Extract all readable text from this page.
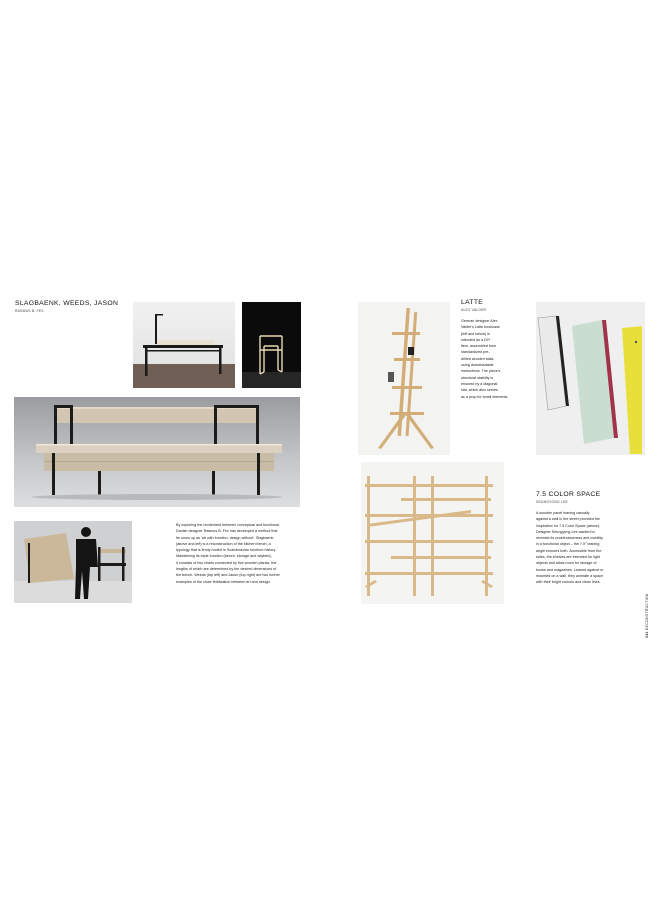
SLAGBAENK, WEEDS, JASON
RASMUS B. FEX

By exploring the borderland between conceptual and functional,

Danish designer Rasmus B. Fex has developed a method that

he sums up as 'art with function, design without'. Slagbaenk

(above and left) is a reconstruction of the kitchen bench, a

typology that is firmly rooted in Scandinavian furniture history.

Maintaining its triple function (bench, storage and daybed),

it consists of two chairs connected by five wooden planks, the

lengths of which are determined by the desired dimensions of

the bench. Weeds (top left) and Jason (top right) are two further

examples of the close fertilization between art and design.

LATTE
ALEX VALDER

German designer Alex

Valder's Latte bookcase

(left and below) is

intended as a DIY

item, assembled from

standardized pre-

drilled wooden slats,

using downloadable

instructions. The piece's

structural stability is

ensured by a diagonal

slat, which also serves

as a prop for small elements.

7.5 COLOR SPACE
SEUNGYONG LEE

A wooden panel leaning casually

against a wall in the street provided the

inspiration for 7.5 Color Space (above).

Designer Seungyong Lee wanted to

recreate its unobtrusiveness and mobility

in a functional object – the 7.5° leaning

angle ensures both. Accessible from the

sides, the shelves are intended for light

objects and allow room for storage of

books and magazines. Leaned against or

mounted on a wall, they animate a space

with their bright colours and clean lines.

041 DECONSTRUCTION
